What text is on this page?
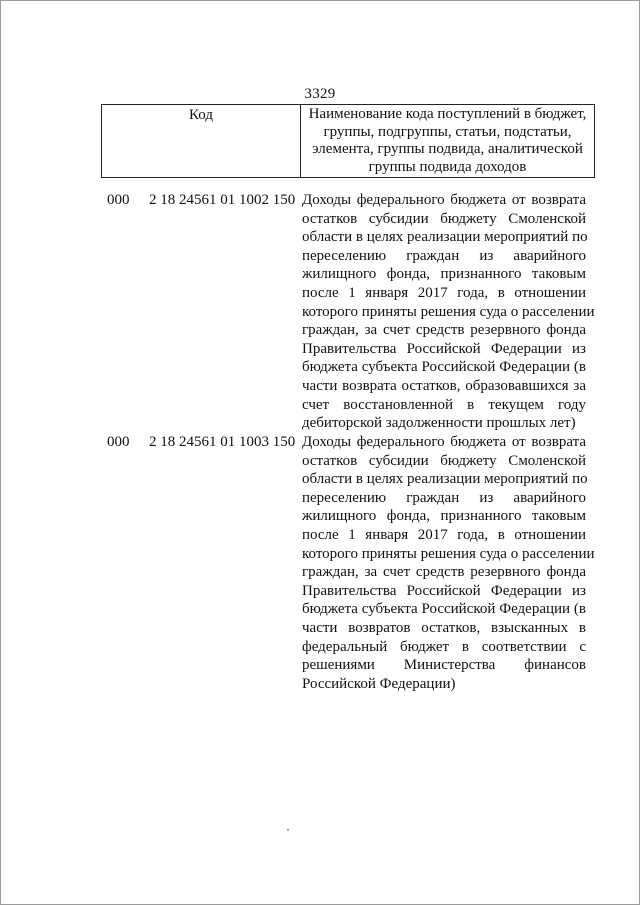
3329
Код	Наименование кода поступлений в бюджет,
группы, подгруппы, статьи, подстатьи,
элемента, группы подвида, аналитической
группы подвида доходов
000 2 18 24561 01 1002 150 Доходы федерального бюджета от возврата
остатков субсидии бюджету Смоленской
области в целях реализации мероприятий по
переселению граждан из аварийного
жилищного фонда, признанного таковым
после 1 января 2017 года, в отношении
которого приняты решения суда о расселении
граждан, за счет средств резервного фонда
Правительства Российской Федерации из
бюджета субъекта Российской Федерации (в
части возврата остатков, образовавшихся за
счет восстановленной в текущем году
дебиторской задолженности прошлых лет)
000 2 18 24561 01 1003 150 Доходы федерального бюджета от возврата
остатков субсидии бюджету Смоленской
области в целях реализации мероприятий по
переселению граждан из аварийного
жилищного фонда, признанного таковым
после 1 января 2017 года, в отношении
которого приняты решения суда о расселении
граждан, за счет средств резервного фонда
Правительства Российской Федерации из
бюджета субъекта Российской Федерации (в
части возвратов остатков, взысканных в
федеральный бюджет в соответствии с
решениями Министерства финансов
Российской Федерации)
